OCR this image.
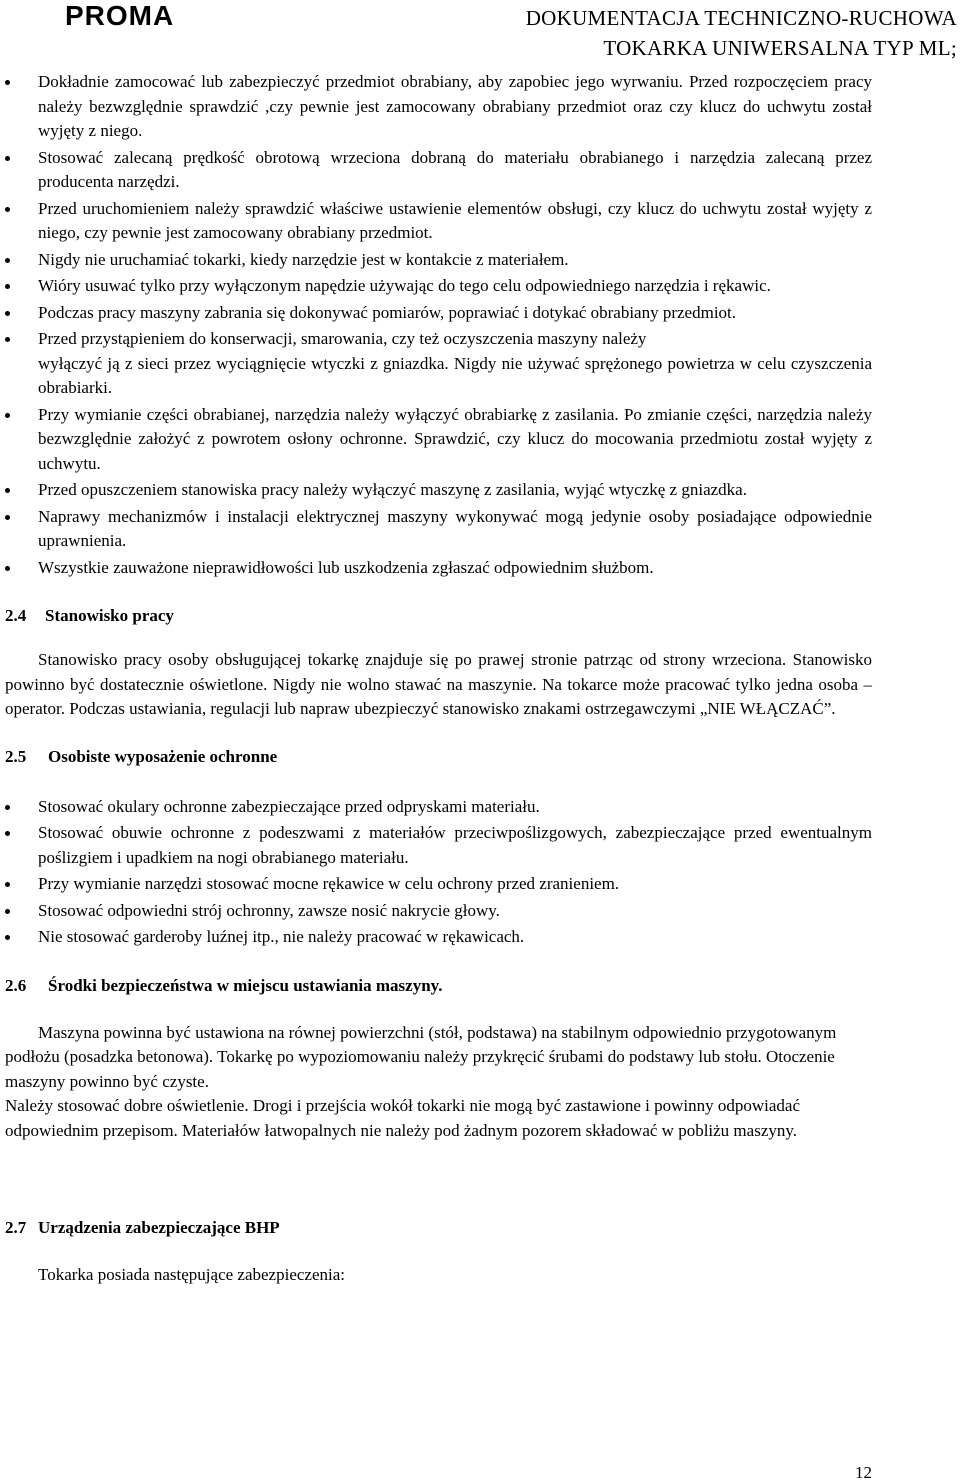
PROMA	DOKUMENTACJA TECHNICZNO-RUCHOWA
TOKARKA UNIWERSALNA TYP ML;
Dokładnie zamocować lub zabezpieczyć przedmiot obrabiany, aby zapobiec jego wyrwaniu. Przed rozpoczęciem pracy należy bezwzględnie sprawdzić ,czy pewnie jest zamocowany obrabiany przedmiot oraz czy klucz do uchwytu został wyjęty z niego.
Stosować zalecaną prędkość obrotową wrzeciona dobraną do materiału obrabianego i narzędzia zalecaną przez producenta narzędzi.
Przed uruchomieniem należy sprawdzić właściwe ustawienie elementów obsługi, czy klucz do uchwytu został wyjęty z niego, czy pewnie jest zamocowany obrabiany przedmiot.
Nigdy nie uruchamiać tokarki, kiedy narzędzie jest w kontakcie z materiałem.
Wióry usuwać tylko przy wyłączonym napędzie używając do tego celu odpowiedniego narzędzia i rękawic.
Podczas pracy maszyny zabrania się dokonywać pomiarów, poprawiać i dotykać obrabiany przedmiot.
Przed przystąpieniem do konserwacji, smarowania, czy też oczyszczenia maszyny należy
wyłączyć ją z sieci przez wyciągnięcie wtyczki z gniazdka. Nigdy nie używać sprężonego powietrza w celu czyszczenia obrabiarki.
Przy wymianie części obrabianej, narzędzia należy wyłączyć obrabiarkę z zasilania. Po zmianie części, narzędzia należy bezwzględnie założyć z powrotem osłony ochronne. Sprawdzić, czy klucz do mocowania przedmiotu został wyjęty z uchwytu.
Przed opuszczeniem stanowiska pracy należy wyłączyć maszynę z zasilania, wyjąć wtyczkę z gniazdka.
Naprawy mechanizmów i instalacji elektrycznej maszyny wykonywać mogą jedynie osoby posiadające odpowiednie uprawnienia.
Wszystkie zauważone nieprawidłowości lub uszkodzenia zgłaszać odpowiednim służbom.
2.4 Stanowisko pracy

Stanowisko pracy osoby obsługującej tokarkę znajduje się po prawej stronie patrząc od strony wrzeciona. Stanowisko powinno być dostatecznie oświetlone. Nigdy nie wolno stawać na maszynie. Na tokarce może pracować tylko jedna osoba – operator. Podczas ustawiania, regulacji lub napraw ubezpieczyć stanowisko znakami ostrzegawczymi „NIE WŁĄCZAĆ”.

2.5 Osobiste wyposażenie ochronne
Stosować okulary ochronne zabezpieczające przed odpryskami materiału.
Stosować obuwie ochronne z podeszwami z materiałów przeciwpoślizgowych, zabezpieczające przed ewentualnym poślizgiem i upadkiem na nogi obrabianego materiału.
Przy wymianie narzędzi stosować mocne rękawice w celu ochrony przed zranieniem.
Stosować odpowiedni strój ochronny, zawsze nosić nakrycie głowy.
Nie stosować garderoby luźnej itp., nie należy pracować w rękawicach.
2.6 Środki bezpieczeństwa w miejscu ustawiania maszyny.

Maszyna powinna być ustawiona na równej powierzchni (stół, podstawa) na stabilnym odpowiednio przygotowanym podłożu (posadzka betonowa). Tokarkę po wypoziomowaniu należy przykręcić śrubami do podstawy lub stołu. Otoczenie maszyny powinno być czyste.

Należy stosować dobre oświetlenie. Drogi i przejścia wokół tokarki nie mogą być zastawione i powinny odpowiadać odpowiednim przepisom. Materiałów łatwopalnych nie należy pod żadnym pozorem składować w pobliżu maszyny.

2.7 Urządzenia zabezpieczające BHP

Tokarka posiada następujące zabezpieczenia:

12
